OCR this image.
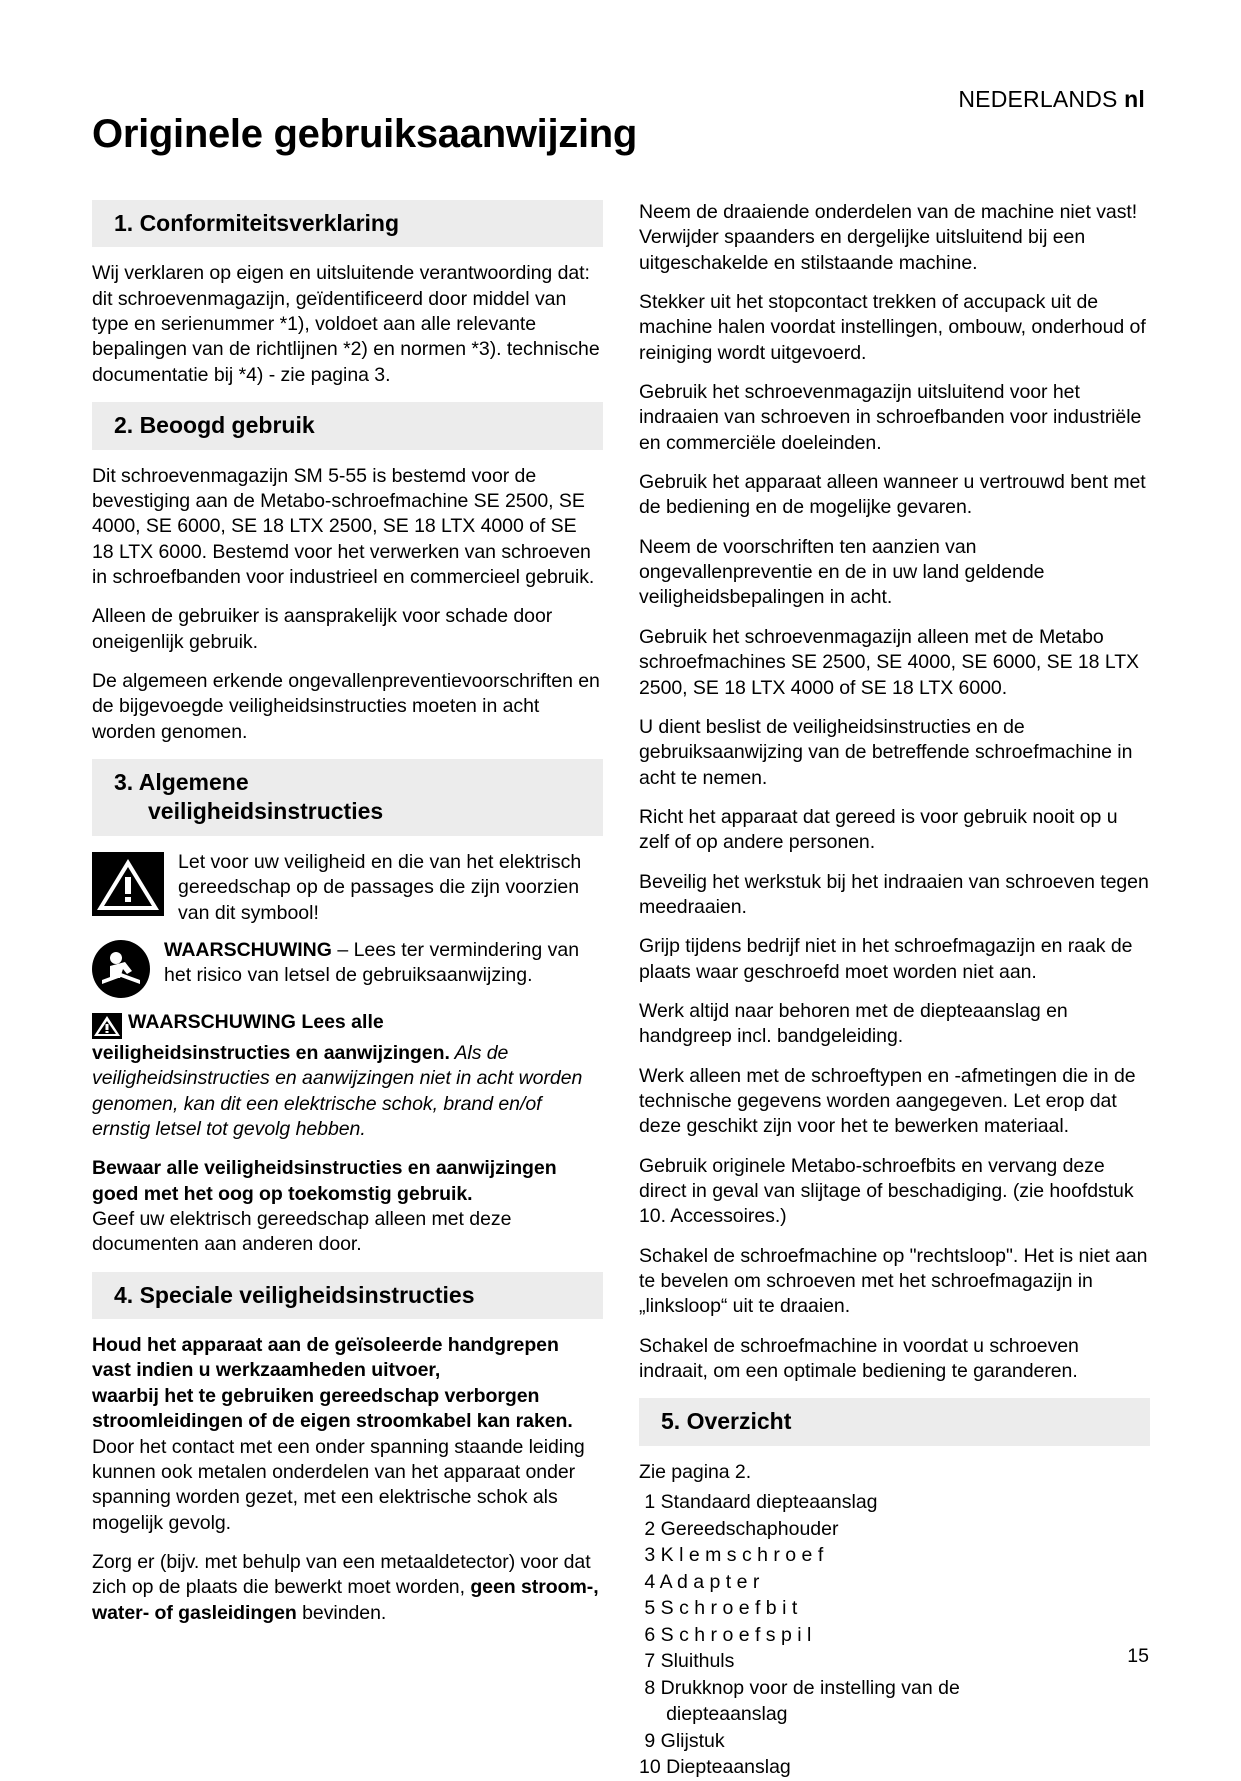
NEDERLANDS nl
Originele gebruiksaanwijzing
1. Conformiteitsverklaring

Wij verklaren op eigen en uitsluitende verantwoording dat: dit schroevenmagazijn, geïdentificeerd door middel van type en serienummer *1), voldoet aan alle relevante bepalingen van de richtlijnen *2) en normen *3). technische documentatie bij *4) - zie pagina 3.

2. Beoogd gebruik

Dit schroevenmagazijn SM 5-55 is bestemd voor de bevestiging aan de Metabo-schroefmachine SE 2500, SE 4000, SE 6000, SE 18 LTX 2500, SE 18 LTX 4000 of SE 18 LTX 6000. Bestemd voor het verwerken van schroeven in schroefbanden voor industrieel en commercieel gebruik.

Alleen de gebruiker is aansprakelijk voor schade door oneigenlijk gebruik.

De algemeen erkende ongevallenpreventievoorschriften en de bijgevoegde veiligheidsinstructies moeten in acht worden genomen.

3. Algemene
veiligheidsinstructies
Let voor uw veiligheid en die van het elektrisch gereedschap op de passages die zijn voorzien van dit symbool!
WAARSCHUWING – Lees ter vermindering van het risico van letsel de gebruiksaanwijzing.
WAARSCHUWING Lees alle

veiligheidsinstructies en aanwijzingen. Als de veiligheidsinstructies en aanwijzingen niet in acht worden genomen, kan dit een elektrische schok, brand en/of ernstig letsel tot gevolg hebben.

Bewaar alle veiligheidsinstructies en aanwijzingen goed met het oog op toekomstig gebruik.
Geef uw elektrisch gereedschap alleen met deze documenten aan anderen door.

4. Speciale veiligheidsinstructies

Houd het apparaat aan de geïsoleerde handgrepen vast indien u werkzaamheden uitvoer,
waarbij het te gebruiken gereedschap verborgen stroomleidingen of de eigen stroomkabel kan raken. Door het contact met een onder spanning staande leiding kunnen ook metalen onderdelen van het apparaat onder spanning worden gezet, met een elektrische schok als mogelijk gevolg.

Zorg er (bijv. met behulp van een metaaldetector) voor dat zich op de plaats die bewerkt moet worden, geen stroom-, water- of gasleidingen bevinden.

Neem de draaiende onderdelen van de machine niet vast! Verwijder spaanders en dergelijke uitsluitend bij een uitgeschakelde en stilstaande machine.

Stekker uit het stopcontact trekken of accupack uit de machine halen voordat instellingen, ombouw, onderhoud of reiniging wordt uitgevoerd.

Gebruik het schroevenmagazijn uitsluitend voor het indraaien van schroeven in schroefbanden voor industriële en commerciële doeleinden.

Gebruik het apparaat alleen wanneer u vertrouwd bent met de bediening en de mogelijke gevaren.

Neem de voorschriften ten aanzien van ongevallenpreventie en de in uw land geldende veiligheidsbepalingen in acht.

Gebruik het schroevenmagazijn alleen met de Metabo schroefmachines SE 2500, SE 4000, SE 6000, SE 18 LTX 2500, SE 18 LTX 4000 of SE 18 LTX 6000.

U dient beslist de veiligheidsinstructies en de gebruiksaanwijzing van de betreffende schroefmachine in acht te nemen.

Richt het apparaat dat gereed is voor gebruik nooit op u zelf of op andere personen.

Beveilig het werkstuk bij het indraaien van schroeven tegen meedraaien.

Grijp tijdens bedrijf niet in het schroefmagazijn en raak de plaats waar geschroefd moet worden niet aan.

Werk altijd naar behoren met de diepteaanslag en handgreep incl. bandgeleiding.

Werk alleen met de schroeftypen en -afmetingen die in de technische gegevens worden aangegeven. Let erop dat deze geschikt zijn voor het te bewerken materiaal.

Gebruik originele Metabo-schroefbits en vervang deze direct in geval van slijtage of beschadiging. (zie hoofdstuk 10. Accessoires.)

Schakel de schroefmachine op "rechtsloop". Het is niet aan te bevelen om schroeven met het schroefmagazijn in „linksloop“ uit te draaien.

Schakel de schroefmachine in voordat u schroeven indraait, om een optimale bediening te garanderen.

5. Overzicht

Zie pagina 2.

1 Standaard diepteaanslag
2 Gereedschaphouder
3 K l e m s c h r o e f
4 A d a p t e r
5 S c h r o e f b i t
6 S c h r o e f s p i l
7 Sluithuls
8 Drukknop voor de instelling van de
diepteaanslag
9 Glijstuk
10 Diepteaanslag
15
